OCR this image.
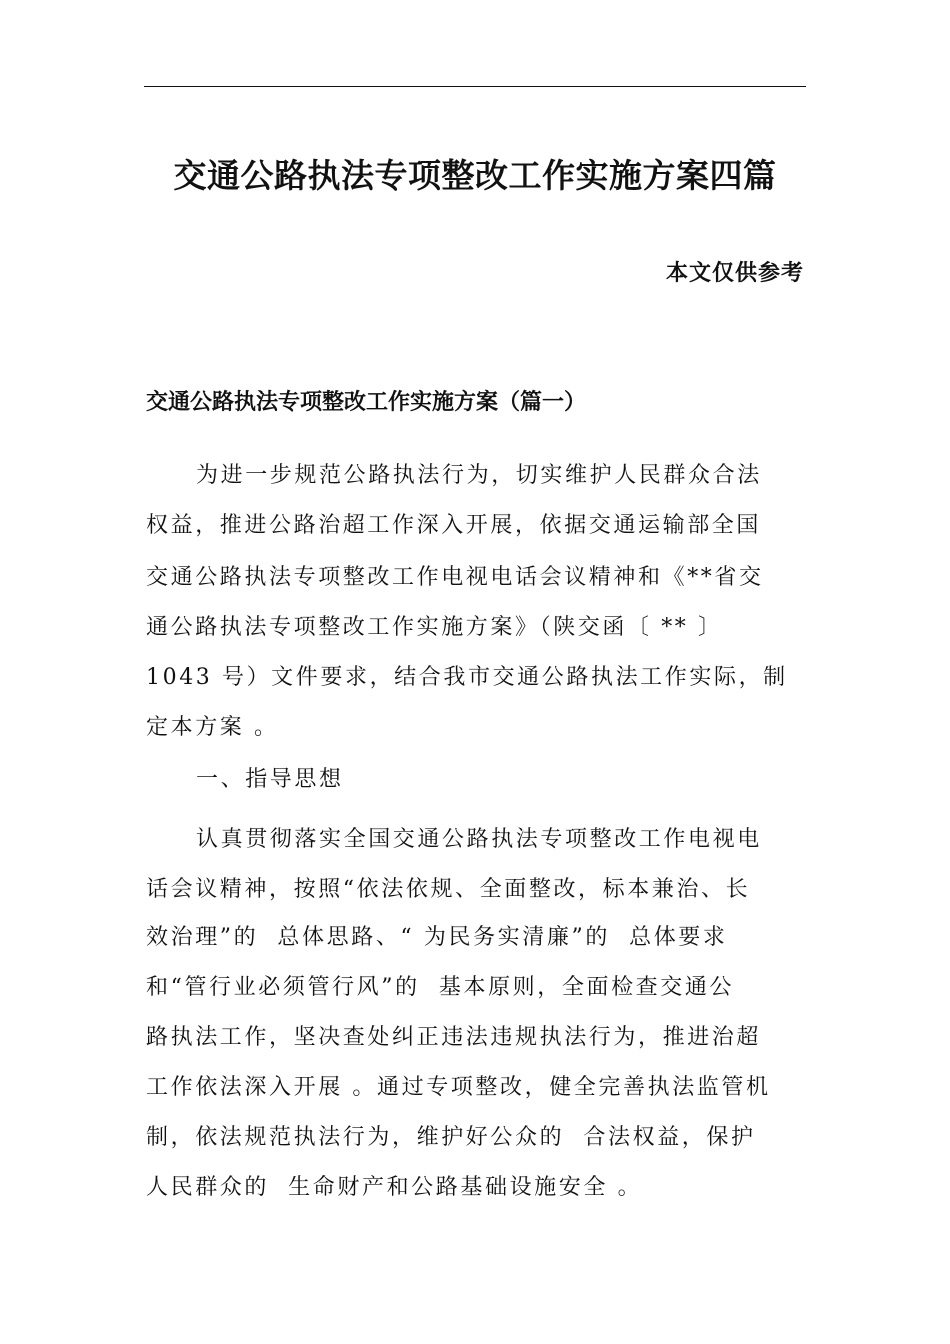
交通公路执法专项整改工作实施方案四篇
本文仅供参考
交通公路执法专项整改工作实施方案（篇一）
为进一步规范公路执法行为，切实维护人民群众合法
权益，推进公路治超工作深入开展，依据交通运输部全国
交通公路执法专项整改工作电视电话会议精神和《**省交
通公路执法专项整改工作实施方案》（陕交函〔 ** 〕
1043 号）文件要求，结合我市交通公路执法工作实际，制
定本方案 。
一、指导思想
认真贯彻落实全国交通公路执法专项整改工作电视电
话会议精神，按照“依法依规、全面整改，标本兼治、长
效治理”的  总体思路、“ 为民务实清廉”的  总体要求
和“管行业必须管行风”的  基本原则，全面检查交通公
路执法工作，坚决查处纠正违法违规执法行为，推进治超
工作依法深入开展 。通过专项整改，健全完善执法监管机
制，依法规范执法行为，维护好公众的  合法权益，保护
人民群众的  生命财产和公路基础设施安全 。
